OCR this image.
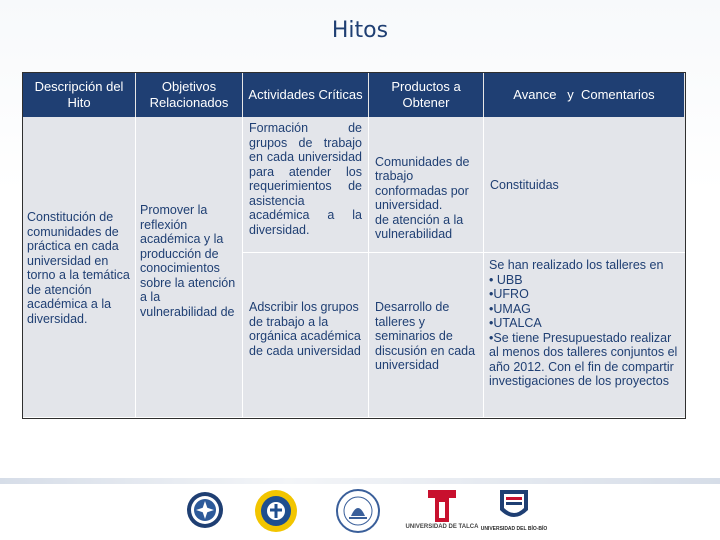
Hitos
Descripción del Hito
Objetivos Relacionados
Actividades Críticas
Productos a Obtener
Avance   y  Comentarios
Constitución de comunidades de práctica en cada universidad en torno a la temática de atención académica a la diversidad.
Promover la reflexión académica y la producción de conocimientos sobre la atención a la vulnerabilidad de
Formación de grupos de trabajo en cada universidad para atender los requerimientos de asistencia académica a la diversidad.

Comunidades de trabajo conformadas por universidad.
de atención a la vulnerabilidad

Constituidas
Adscribir los grupos de trabajo a la orgánica académica de cada universidad
Desarrollo de talleres y seminarios de discusión en cada universidad
Se han realizado los talleres en
• UBB
•UFRO
•UMAG
•UTALCA
•Se tiene Presupuestado realizar al menos dos talleres conjuntos el año 2012. Con el fin de compartir investigaciones de los proyectos
UNIVERSIDAD DE TALCA UNIVERSIDAD DEL BÍO-BÍO
